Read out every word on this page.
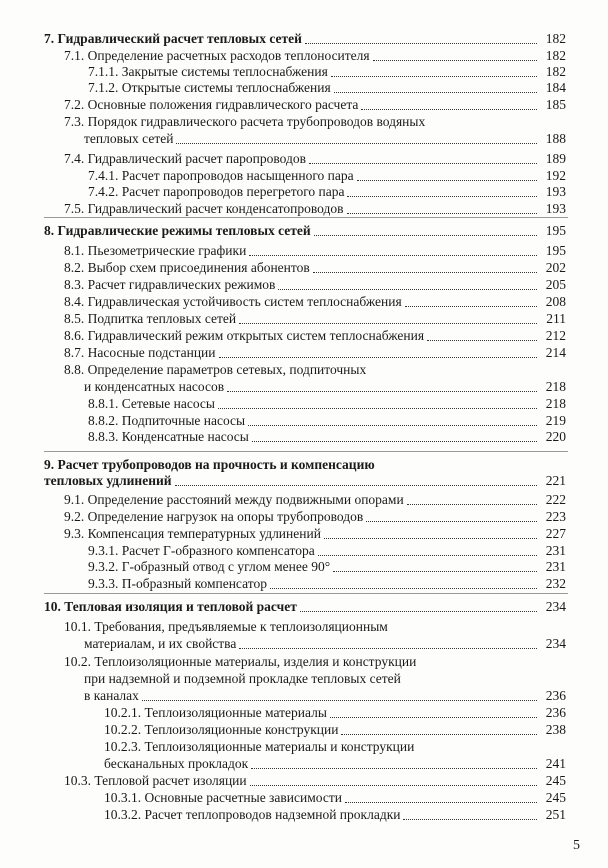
7. Гидравлический расчет тепловых сетей	182
7.1. Определение расчетных расходов теплоносителя	182
7.1.1. Закрытые системы теплоснабжения	182
7.1.2. Открытые системы теплоснабжения	184
7.2. Основные положения гидравлического расчета	185
7.3. Порядок гидравлического расчета трубопроводов водяных
тепловых сетей	188
7.4. Гидравлический расчет паропроводов	189
7.4.1. Расчет паропроводов насыщенного пара	192
7.4.2. Расчет паропроводов перегретого пара	193
7.5. Гидравлический расчет конденсатопроводов	193
8. Гидравлические режимы тепловых сетей	195
8.1. Пьезометрические графики	195
8.2. Выбор схем присоединения абонентов	202
8.3. Расчет гидравлических режимов	205
8.4. Гидравлическая устойчивость систем теплоснабжения	208
8.5. Подпитка тепловых сетей	211
8.6. Гидравлический режим открытых систем теплоснабжения	212
8.7. Насосные подстанции	214
8.8. Определение параметров сетевых, подпиточных
и конденсатных насосов	218
8.8.1. Сетевые насосы	218
8.8.2. Подпиточные насосы	219
8.8.3. Конденсатные насосы	220
9. Расчет трубопроводов на прочность и компенсацию
тепловых удлинений	221
9.1. Определение расстояний между подвижными опорами	222
9.2. Определение нагрузок на опоры трубопроводов	223
9.3. Компенсация температурных удлинений	227
9.3.1. Расчет Г-образного компенсатора	231
9.3.2. Г-образный отвод с углом менее 90°	231
9.3.3. П-образный компенсатор	232
10. Тепловая изоляция и тепловой расчет	234
10.1. Требования, предъявляемые к теплоизоляционным
материалам, и их свойства	234
10.2. Теплоизоляционные материалы, изделия и конструкции
при надземной и подземной прокладке тепловых сетей
в каналах	236
10.2.1. Теплоизоляционные материалы	236
10.2.2. Теплоизоляционные конструкции	238
10.2.3. Теплоизоляционные материалы и конструкции
бесканальных прокладок	241
10.3. Тепловой расчет изоляции	245
10.3.1. Основные расчетные зависимости	245
10.3.2. Расчет теплопроводов надземной прокладки	251
5
